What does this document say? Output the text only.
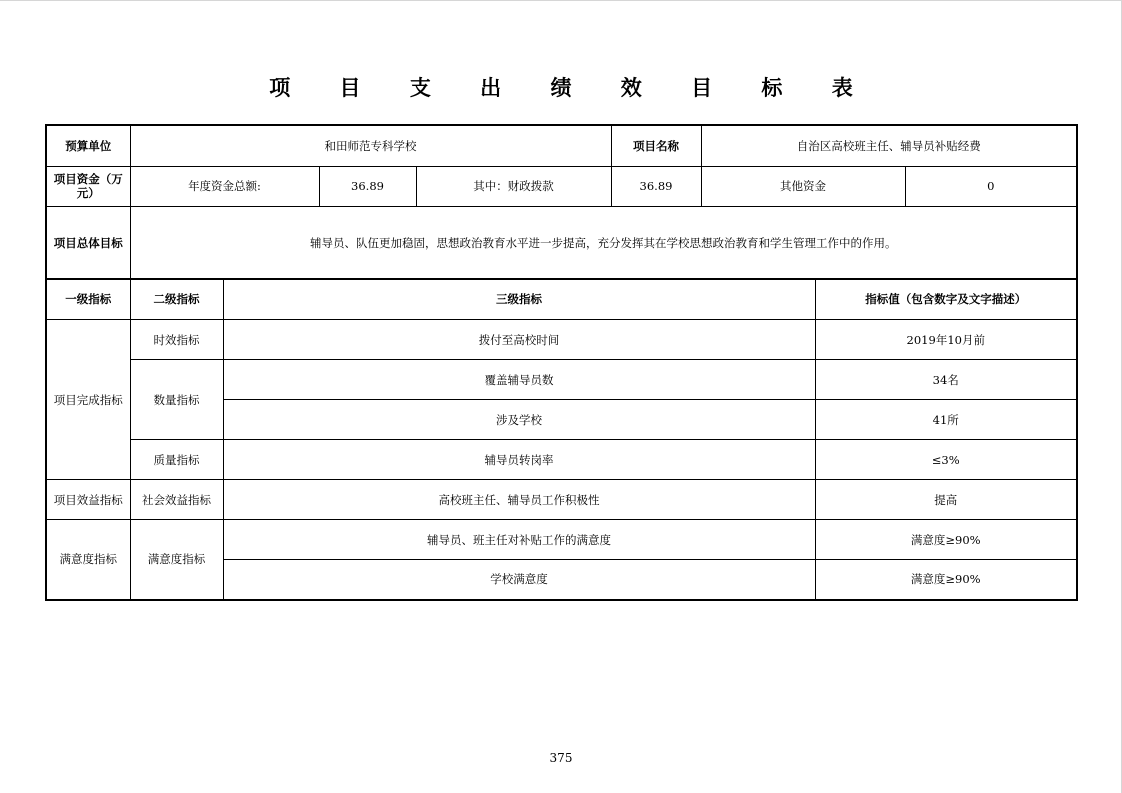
项 目 支 出 绩 效 目 标 表
预算单位	和田师范专科学校			项目名称	自治区高校班主任、辅导员补贴经费	
项目资金（万元）	年度资金总额:	36.89	其中：财政拨款	36.89	其他资金	0
项目总体目标	辅导员、队伍更加稳固，思想政治教育水平进一步提高，充分发挥其在学校思想政治教育和学生管理工作中的作用。					
一级指标	二级指标	三级指标	指标值（包含数字及文字描述）
项目完成指标	时效指标	拨付至高校时间	2019年10月前
	数量指标	覆盖辅导员数	34名
		涉及学校	41所
	质量指标	辅导员转岗率	≤3%
项目效益指标	社会效益指标	高校班主任、辅导员工作积极性	提高
满意度指标	满意度指标	辅导员、班主任对补贴工作的满意度	满意度≥90%
		学校满意度	满意度≥90%
375
